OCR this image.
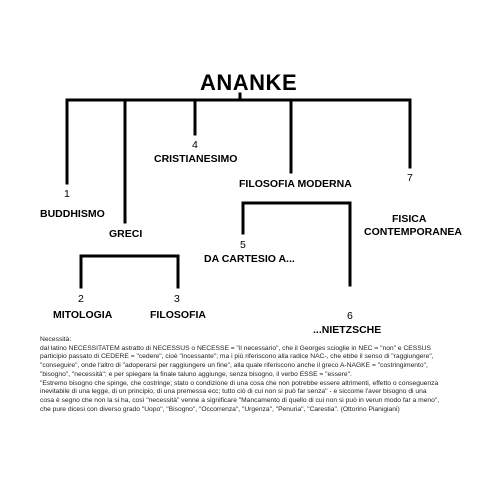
ANANKE
1
BUDDHISMO
GRECI
4
CRISTIANESIMO
FILOSOFIA MODERNA	7
FISICA
CONTEMPORANEA
5
DA CARTESIO A...
2
MITOLOGIA
3
FILOSOFIA	6
...NIETZSCHE
Necessità:
dal latino NECESSITATEM astratto di NECESSUS o NECESSE = "il necessario", che il Georges scioglie in NEC = "non" e CESSUS
participio passato di CEDERE = "cedere", cioè "incessante"; ma i più riferiscono alla radice NAC-, che ebbe il senso di "raggiungere",
"conseguire", onde l'altro di "adoperarsi per raggiungere un fine", alla quale riferiscono anche il greco A-NAGKE = "costringimento",
"bisogno", "necessità"; e per spiegare la finale taluno aggiunge, senza bisogno, il verbo ESSE = "essere".
"Estremo bisogno che spinge, che costringe; stato o condizione di una cosa che non potrebbe essere altrimenti, effetto o conseguenza
inevitabile di una legge, di un principio, di una premessa ecc; tutto ciò di cui non si può far senza" - e siccome l'aver bisogno di una
cosa è segno che non la si ha, così "necessità" venne a significare "Mancamento di quello di cui non si può in verun modo far a meno",
che pure dicesi con diverso grado "Uopo", "Bisogno", "Occorrenza", "Urgenza", "Penuria", "Carestia". (Ottorino Pianigiani)
